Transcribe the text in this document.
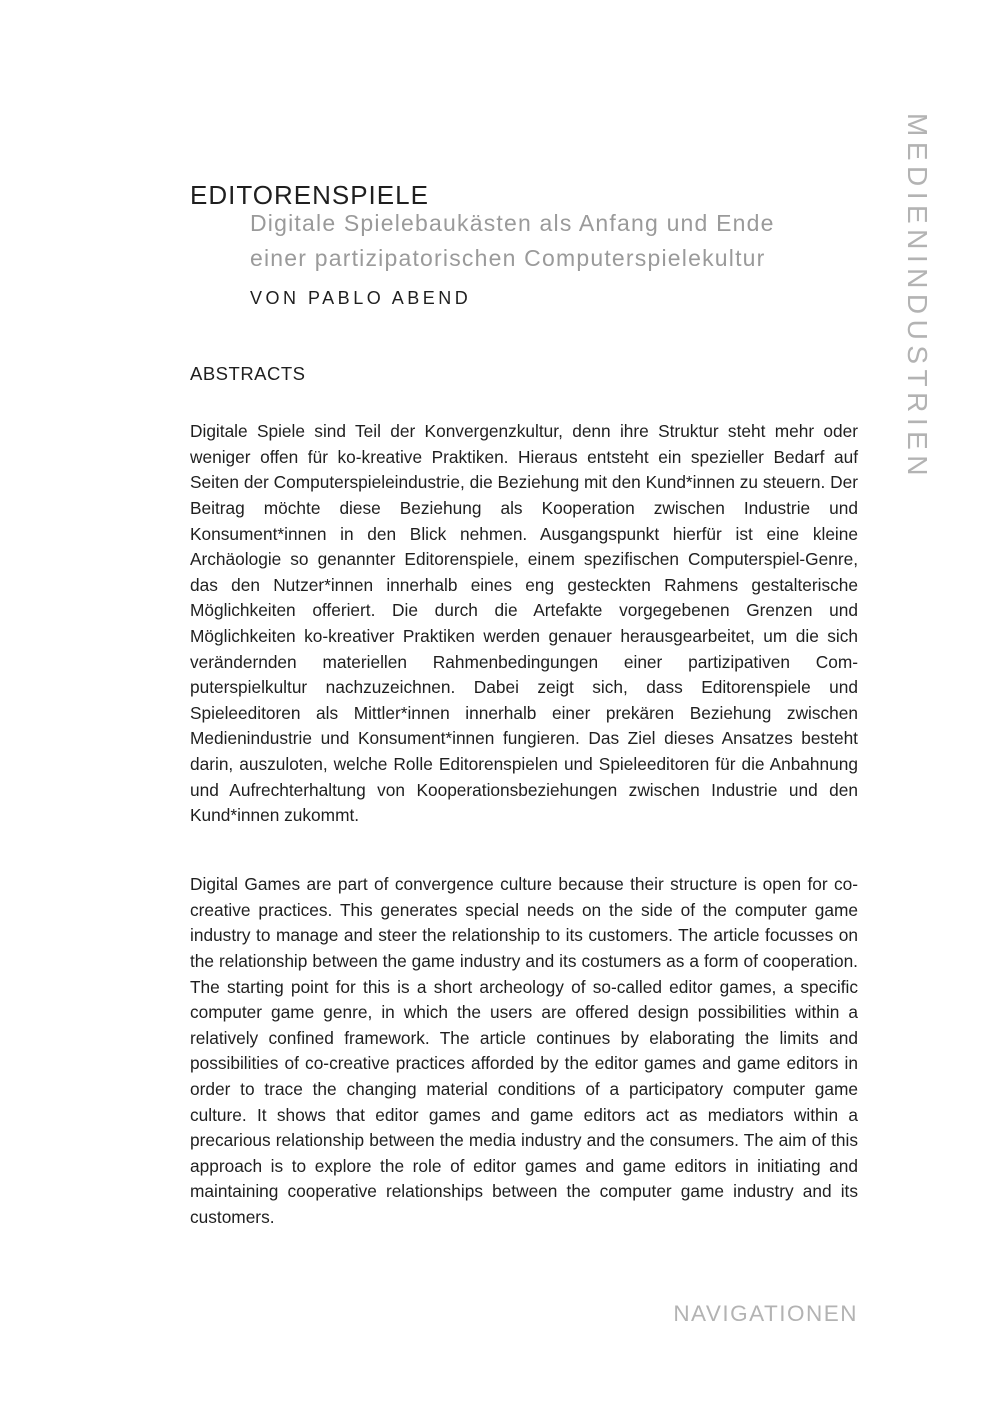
EDITORENSPIELE
Digitale Spielebaukästen als Anfang und Ende
einer partizipatorischen Computerspielekultur
VON PABLO ABEND
ABSTRACTS

Digitale Spiele sind Teil der Konvergenzkultur, denn ihre Struktur steht mehr oder weniger offen für ko-kreative Praktiken. Hieraus entsteht ein spezieller Bedarf auf Seiten der Computerspieleindustrie, die Beziehung mit den Kund*innen zu steuern. Der Beitrag möchte diese Beziehung als Kooperation zwischen Industrie und Konsument*innen in den Blick nehmen. Ausgangspunkt hierfür ist eine kleine Archäologie so genannter Editorenspiele, einem spezifischen Computerspiel-Genre, das den Nutzer*innen innerhalb eines eng gesteckten Rahmens gestalterische Möglichkeiten offeriert. Die durch die Artefakte vorgegebenen Grenzen und Möglichkeiten ko-kreativer Praktiken werden genauer herausgearbeitet, um die sich verändernden materiellen Rahmenbedingungen einer partizipativen Computerspielkultur nachzuzeichnen. Dabei zeigt sich, dass Editorenspiele und Spieleeditoren als Mittler*innen innerhalb einer prekären Beziehung zwischen Medienindustrie und Konsument*innen fungieren. Das Ziel dieses Ansatzes besteht darin, auszuloten, welche Rolle Editorenspielen und Spieleeditoren für die Anbahnung und Aufrechterhaltung von Kooperationsbeziehungen zwischen Industrie und den Kund*innen zukommt.

Digital Games are part of convergence culture because their structure is open for co-creative practices. This generates special needs on the side of the computer game industry to manage and steer the relationship to its customers. The article focusses on the relationship between the game industry and its costumers as a form of cooperation. The starting point for this is a short archeology of so-called editor games, a specific computer game genre, in which the users are offered design possibilities within a relatively confined framework. The article continues by elaborating the limits and possibilities of co-creative practices afforded by the editor games and game editors in order to trace the changing material conditions of a participatory computer game culture. It shows that editor games and game editors act as mediators within a precarious relationship between the media industry and the consumers. The aim of this approach is to explore the role of editor games and game editors in initiating and maintaining cooperative relationships between the computer game industry and its customers.

MEDIENINDUSTRIEN
NAVIGATIONEN
